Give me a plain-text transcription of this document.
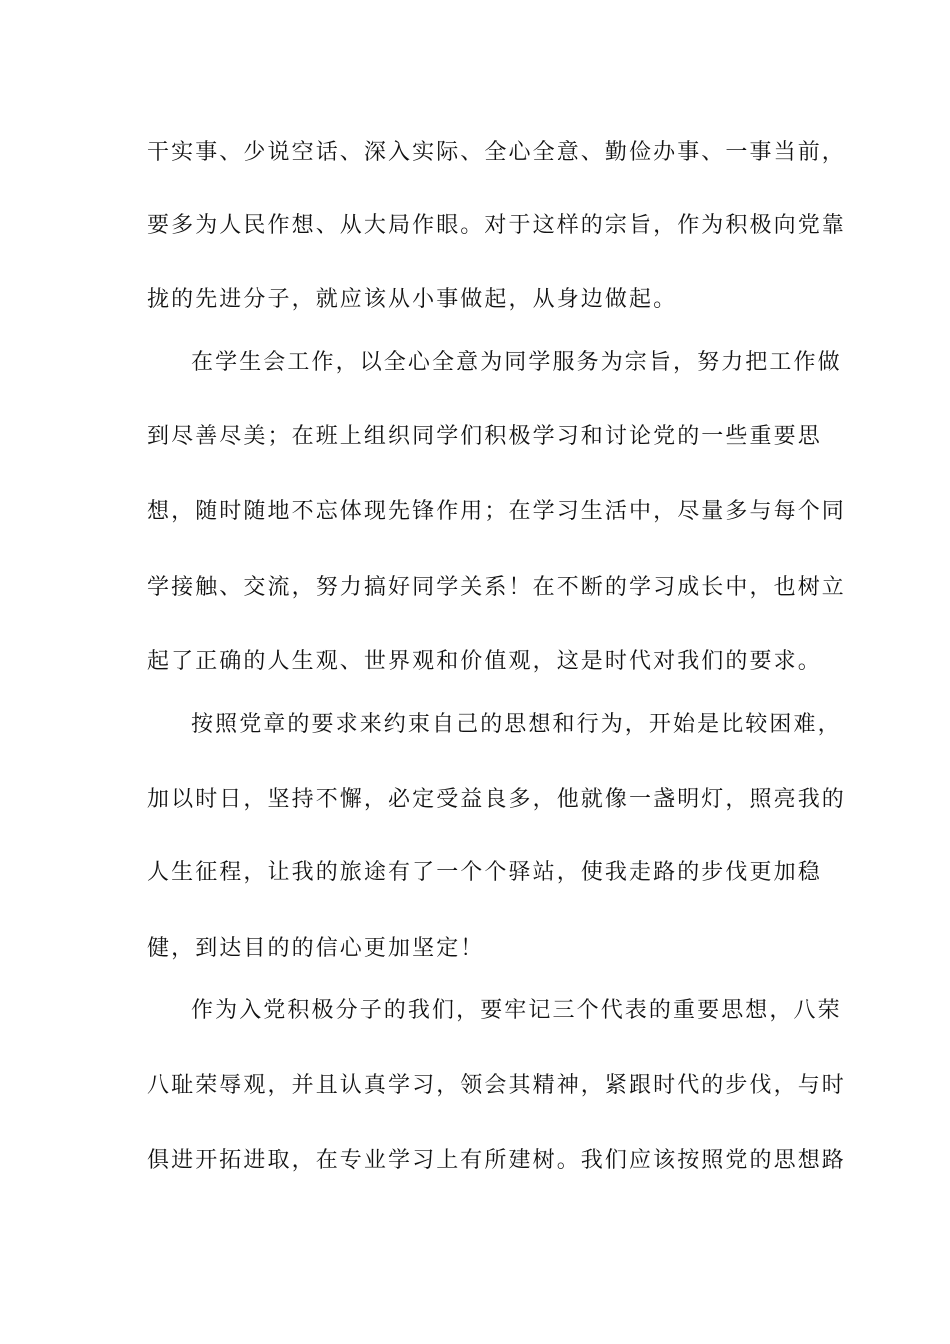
干实事、少说空话、深入实际、全心全意、勤俭办事、一事当前，
要多为人民作想、从大局作眼。对于这样的宗旨，作为积极向党靠
拢的先进分子，就应该从小事做起，从身边做起。
在学生会工作，以全心全意为同学服务为宗旨，努力把工作做
到尽善尽美；在班上组织同学们积极学习和讨论党的一些重要思
想，随时随地不忘体现先锋作用；在学习生活中，尽量多与每个同
学接触、交流，努力搞好同学关系！在不断的学习成长中，也树立
起了正确的人生观、世界观和价值观，这是时代对我们的要求。
按照党章的要求来约束自己的思想和行为，开始是比较困难，
加以时日，坚持不懈，必定受益良多，他就像一盏明灯，照亮我的
人生征程，让我的旅途有了一个个驿站，使我走路的步伐更加稳
健，到达目的的信心更加坚定！
作为入党积极分子的我们，要牢记三个代表的重要思想，八荣
八耻荣辱观，并且认真学习，领会其精神，紧跟时代的步伐，与时
俱进开拓进取，在专业学习上有所建树。我们应该按照党的思想路
